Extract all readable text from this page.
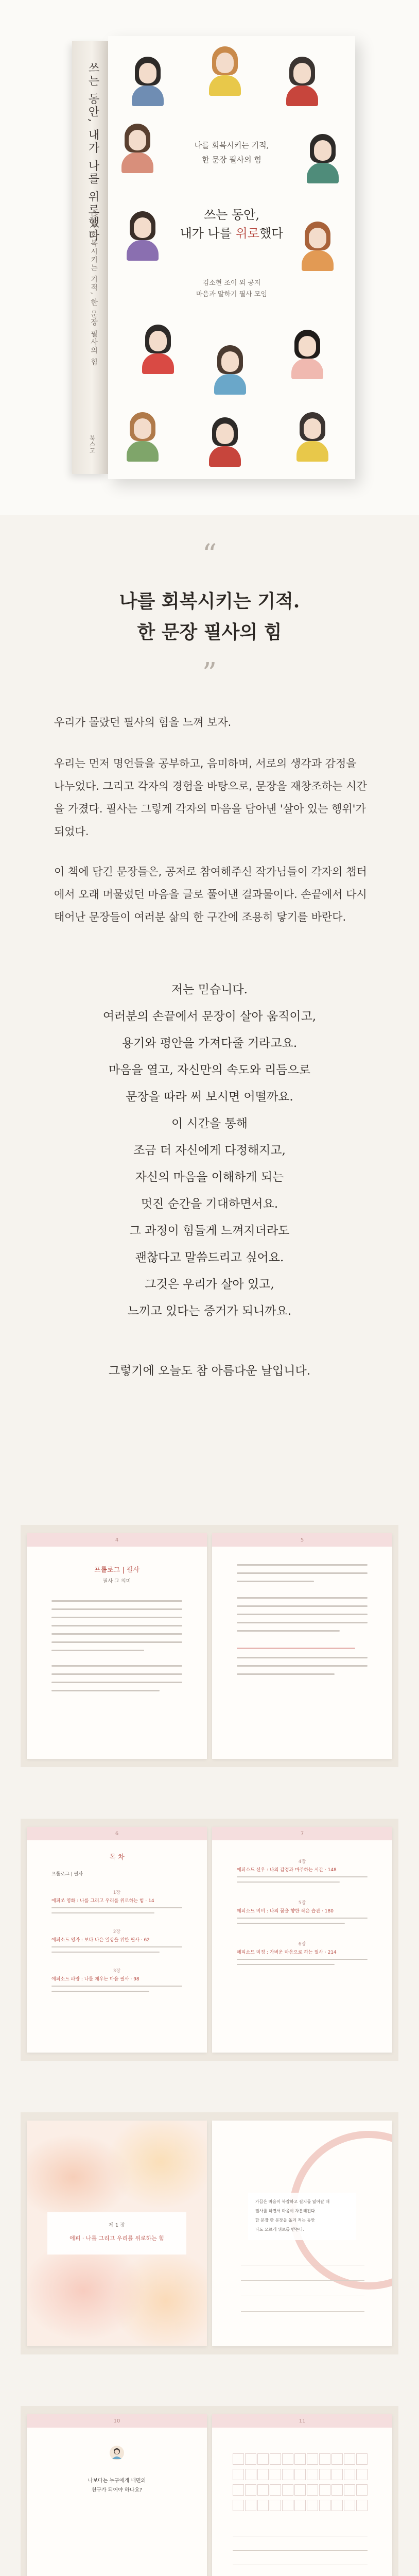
쓰는 동안, 내가 나를 위로했다
나를 회복시키는 기적, 한 문장 필사의 힘
북스고
나를 회복시키는 기적,
한 문장 필사의 힘
쓰는 동안,
내가 나를 위로했다
김소현 조이 외 공저
마음과 말하기 필사 모임
“
나를 회복시키는 기적.
한 문장 필사의 힘
”
우리가 몰랐던 필사의 힘을 느껴 보자.
우리는 먼저 명언들을 공부하고, 음미하며, 서로의 생각과 감정을 나누었다. 그리고 각자의 경험을 바탕으로, 문장을 재창조하는 시간을 가졌다. 필사는 그렇게 각자의 마음을 담아낸 '살아 있는 행위'가 되었다.
이 책에 담긴 문장들은, 공저로 참여해주신 작가님들이 각자의 챕터에서 오래 머물렀던 마음을 글로 풀어낸 결과물이다. 손끝에서 다시 태어난 문장들이 여러분 삶의 한 구간에 조용히 닿기를 바란다.
저는 믿습니다.
여러분의 손끝에서 문장이 살아 움직이고,
용기와 평안을 가져다줄 거라고요.
마음을 열고, 자신만의 속도와 리듬으로
문장을 따라 써 보시면 어떨까요.
이 시간을 통해
조금 더 자신에게 다정해지고,
자신의 마음을 이해하게 되는
멋진 순간을 기대하면서요.
그 과정이 힘들게 느껴지더라도
괜찮다고 말씀드리고 싶어요.
그것은 우리가 살아 있고,
느끼고 있다는 증거가 되니까요.
그렇기에 오늘도 참 아름다운 날입니다.
4
프롤로그 | 필사
필사 그 의미
5
6
목 차
프롤로그 | 필사
1장
에피쏘 영화 : 나를 그리고 우리를 위로하는 힘 · 14
2장
에피소드 영자 : 보다 나은 일상을 위한 필사 · 62
3장
에피소드 파랑 : 나를 채우는 마음 필사 · 98
7
4장
에피소드 선우 : 나의 감정과 마주하는 시간 · 148
5장
에피소드 비비 : 나의 꿈을 향한 작은 습관 · 180
6장
에피소드 미정 : 가벼운 마음으로 하는 필사 · 214
제 1 장
에피 · 나를 그리고 우리를 위로하는 힘
가끔은 마음이 복잡하고 길지를 잃어갈 때
필사를 하면서 마음이 차분해진다.
한 문장 한 문장을 옮겨 적는 동안
나도 모르게 위로를 받는다.
10
나보다는 누구에게 내면의
친구가 되어야 하나요?
11
